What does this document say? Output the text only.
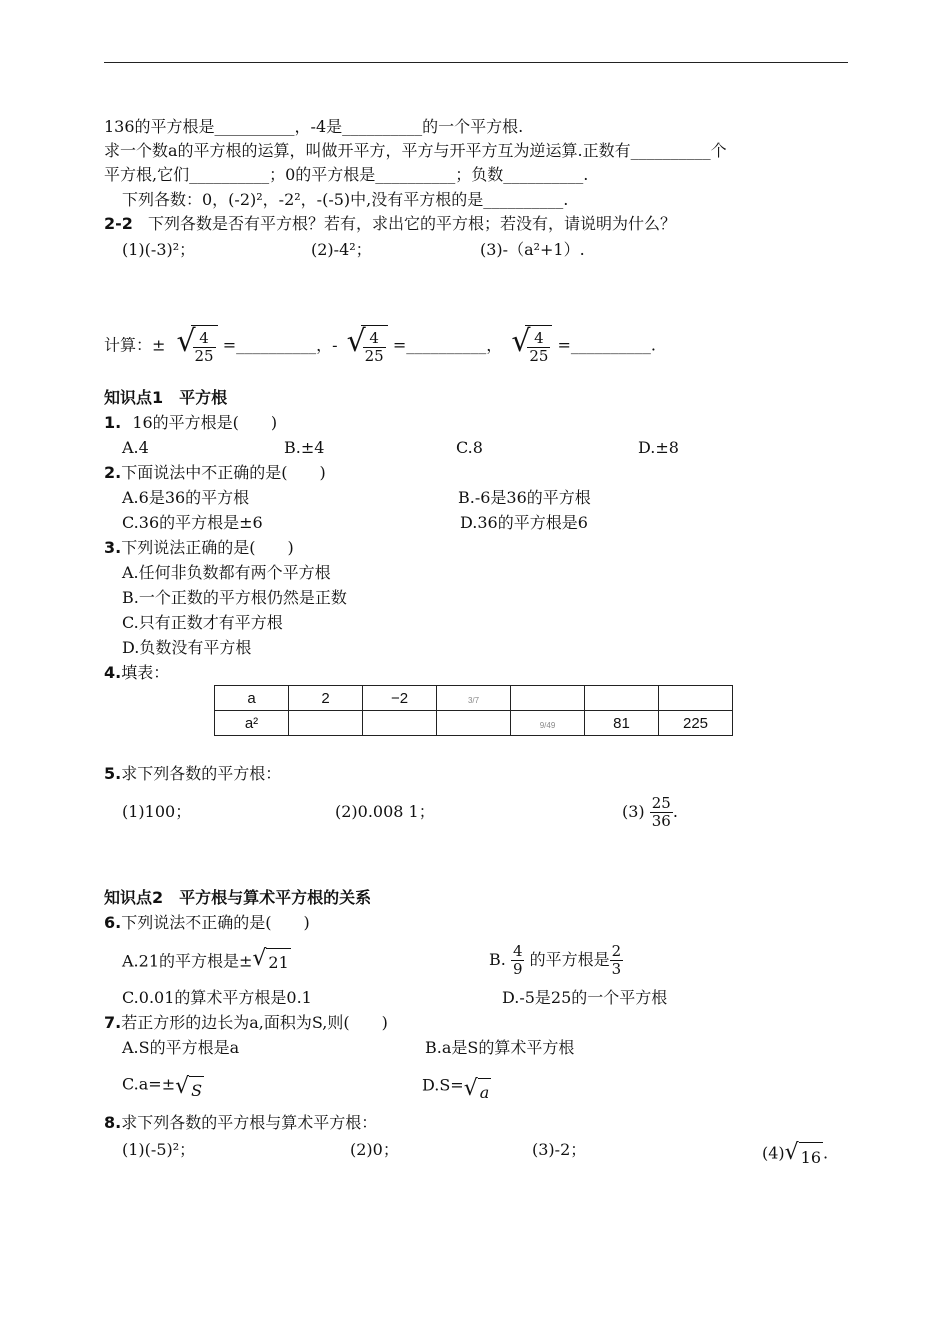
136的平方根是__________，-4是__________的一个平方根.
求一个数a的平方根的运算，叫做开平方，平方与开平方互为逆运算.正数有__________个
平方根,它们__________；0的平方根是__________；负数__________.
下列各数：0，(-2)²，-2²，-(-5)中,没有平方根的是__________.
2-2 下列各数是否有平方根？若有，求出它的平方根；若没有，请说明为什么？
(1)(-3)²；	(2)-4²；	(3)-（a²+1）.
计算：± √
$\frac{4}{25}$ =__________，- √
$\frac{4}{25}$ =__________， √
$\frac{4}{25}$ =__________.
知识点1　平方根
1. 16的平方根是(　　)
A.4	B.±4	C.8	D.±8
2.下面说法中不正确的是(　　)
A.6是36的平方根	B.-6是36的平方根
C.36的平方根是±6	D.36的平方根是6
3.下列说法正确的是(　　)
A.任何非负数都有两个平方根
B.一个正数的平方根仍然是正数
C.只有正数才有平方根
D.负数没有平方根
4.填表：
a	2	−2	3/7			
a²				9/49	81	225
5.求下列各数的平方根：
(1)100；	(2)0.008 1；	$(3) \frac{25}{36}$ .
知识点2　平方根与算术平方根的关系
6.下列说法不正确的是(　　)
A.21的平方根是± √ 21	B. $\frac{4}{9}$ 的平方根是 $\frac{2}{3}$
C.0.01的算术平方根是0.1	D.-5是25的一个平方根
7.若正方形的边长为a,面积为S,则(　　)
A.S的平方根是a	B.a是S的算术平方根
C.a=± √ S	D.S= √ a
8.求下列各数的平方根与算术平方根：
(1)(-5)²；	(2)0；	(3)-2；	(4) √ 16 .
